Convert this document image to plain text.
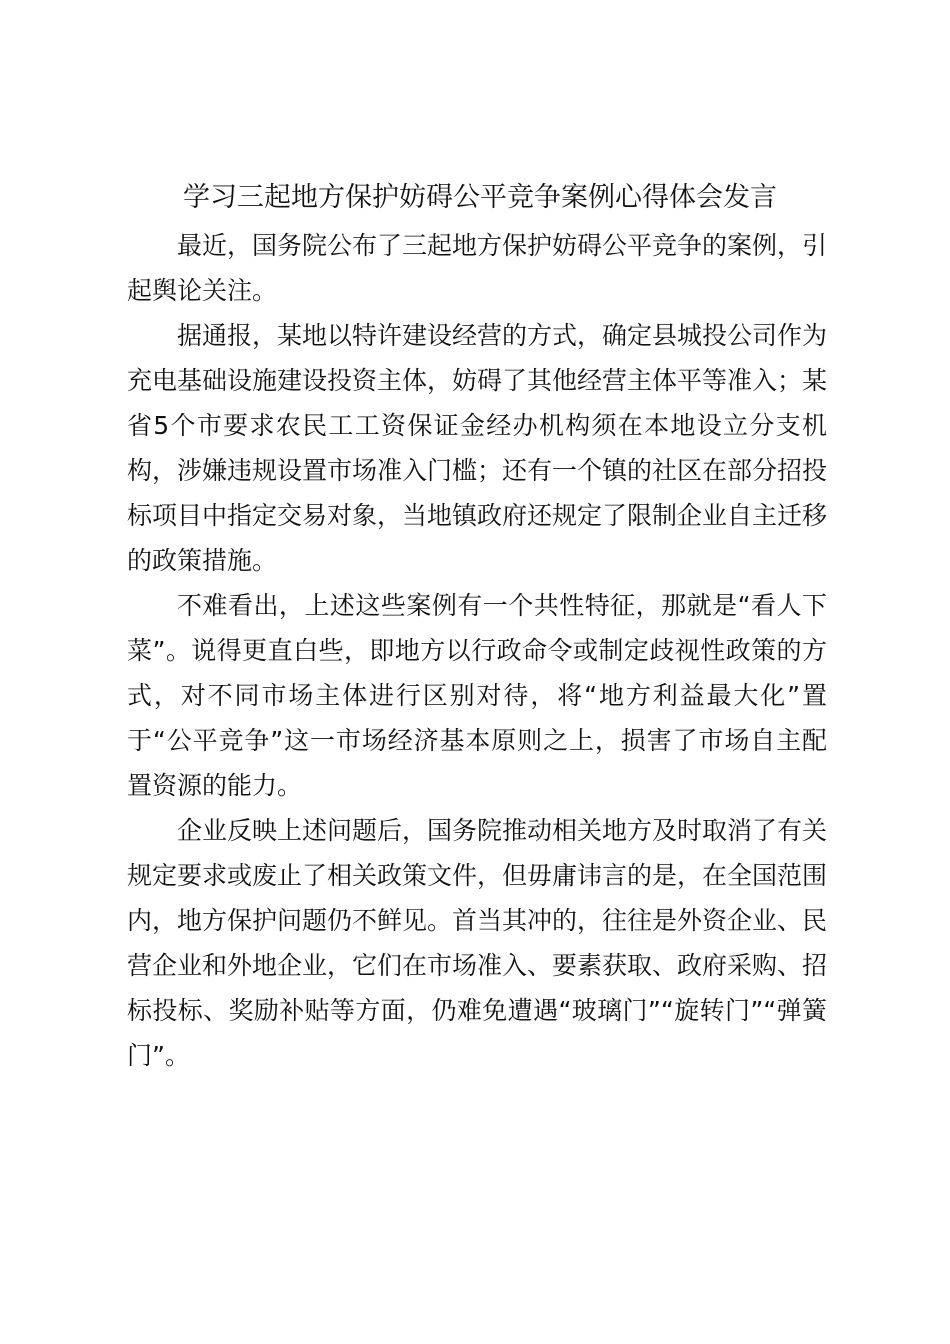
学习三起地方保护妨碍公平竞争案例心得体会发言

最近，国务院公布了三起地方保护妨碍公平竞争的案例，引起舆论关注。

据通报，某地以特许建设经营的方式，确定县城投公司作为充电基础设施建设投资主体，妨碍了其他经营主体平等准入；某省5个市要求农民工工资保证金经办机构须在本地设立分支机构，涉嫌违规设置市场准入门槛；还有一个镇的社区在部分招投标项目中指定交易对象，当地镇政府还规定了限制企业自主迁移的政策措施。

不难看出，上述这些案例有一个共性特征，那就是“看人下菜”。说得更直白些，即地方以行政命令或制定歧视性政策的方式，对不同市场主体进行区别对待，将“地方利益最大化”置于“公平竞争”这一市场经济基本原则之上，损害了市场自主配置资源的能力。

企业反映上述问题后，国务院推动相关地方及时取消了有关规定要求或废止了相关政策文件，但毋庸讳言的是，在全国范围内，地方保护问题仍不鲜见。首当其冲的，往往是外资企业、民营企业和外地企业，它们在市场准入、要素获取、政府采购、招标投标、奖励补贴等方面，仍难免遭遇“玻璃门”“旋转门”“弹簧门”。
